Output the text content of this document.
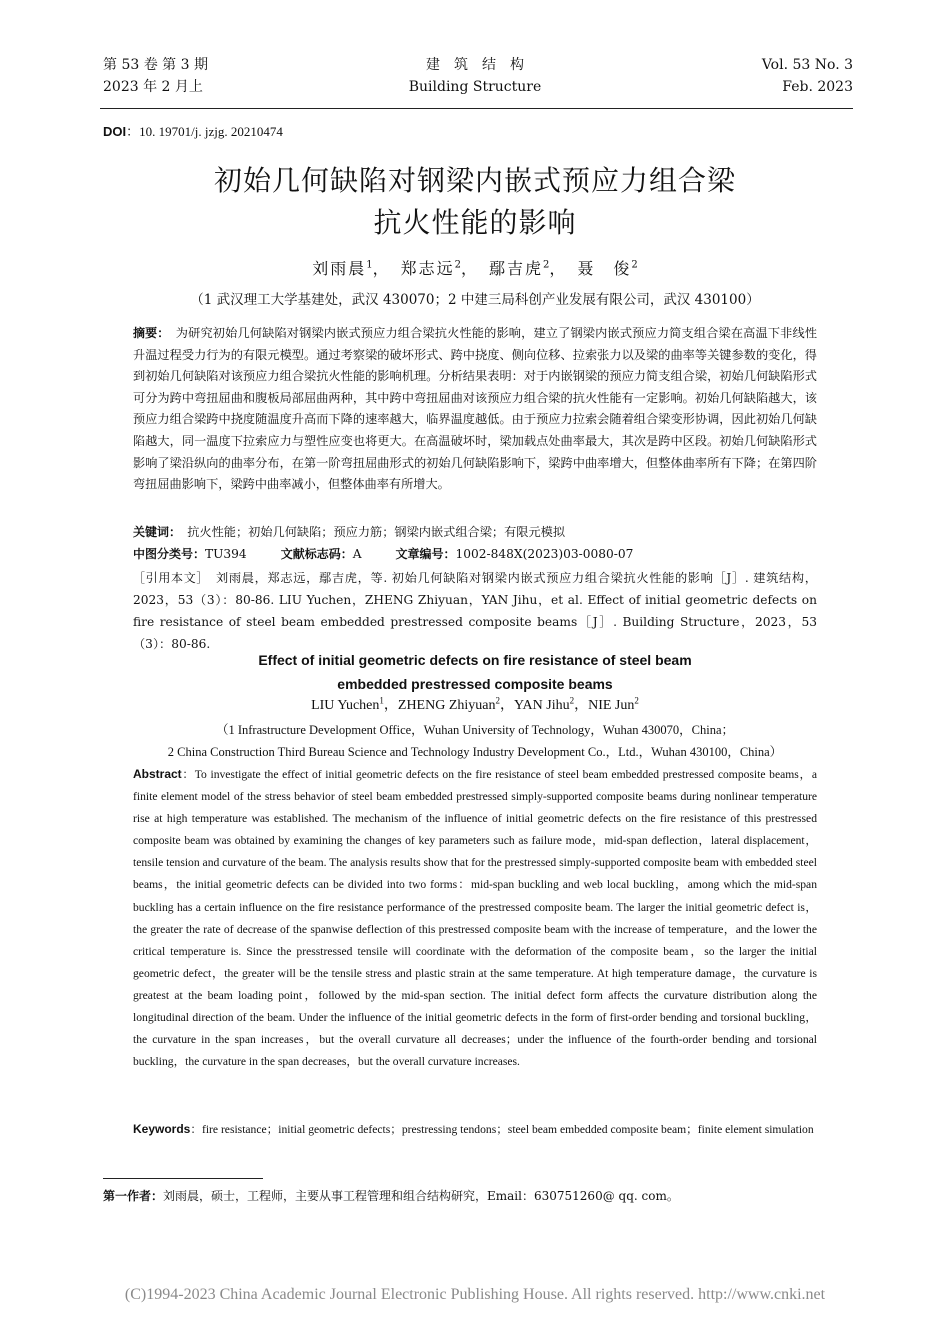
第 53 卷 第 3 期
2023 年 2 月上
建　筑　结　构
Building Structure
Vol. 53 No. 3
Feb. 2023
DOI：10. 19701/j. jzjg. 20210474
初始几何缺陷对钢梁内嵌式预应力组合梁
抗火性能的影响
刘雨晨$^1$，　郑志远$^2$，　鄢吉虎$^2$，　聂　俊$^2$
（1 武汉理工大学基建处，武汉 430070；2 中建三局科创产业发展有限公司，武汉 430100）
摘要：　 为研究初始几何缺陷对钢梁内嵌式预应力组合梁抗火性能的影响，建立了钢梁内嵌式预应力简支组合梁在高温下非线性升温过程受力行为的有限元模型。通过考察梁的破坏形式、跨中挠度、侧向位移、拉索张力以及梁的曲率等关键参数的变化，得到初始几何缺陷对该预应力组合梁抗火性能的影响机理。分析结果表明：对于内嵌钢梁的预应力简支组合梁，初始几何缺陷形式可分为跨中弯扭屈曲和腹板局部屈曲两种，其中跨中弯扭屈曲对该预应力组合梁的抗火性能有一定影响。初始几何缺陷越大，该预应力组合梁跨中挠度随温度升高而下降的速率越大，临界温度越低。由于预应力拉索会随着组合梁变形协调，因此初始几何缺陷越大，同一温度下拉索应力与塑性应变也将更大。在高温破坏时，梁加载点处曲率最大，其次是跨中区段。初始几何缺陷形式影响了梁沿纵向的曲率分布，在第一阶弯扭屈曲形式的初始几何缺陷影响下，梁跨中曲率增大，但整体曲率所有下降；在第四阶弯扭屈曲影响下，梁跨中曲率减小，但整体曲率有所增大。
关键词：　 抗火性能；初始几何缺陷；预应力筋；钢梁内嵌式组合梁；有限元模拟
中图分类号：TU394	文献标志码：A	文章编号：1002-848X(2023)03-0080-07
［引用本文］　 刘雨晨，郑志远，鄢吉虎，等. 初始几何缺陷对钢梁内嵌式预应力组合梁抗火性能的影响［J］. 建筑结构，2023，53（3）：80-86. LIU Yuchen，ZHENG Zhiyuan，YAN Jihu，et al. Effect of initial geometric defects on fire resistance of steel beam embedded prestressed composite beams［J］. Building Structure，2023，53（3）：80-86.
Effect of initial geometric defects on fire resistance of steel beam
embedded prestressed composite beams
LIU Yuchen$^1$，ZHENG Zhiyuan$^2$，YAN Jihu$^2$，NIE Jun$^2$
（1 Infrastructure Development Office，Wuhan University of Technology，Wuhan 430070，China；
2 China Construction Third Bureau Science and Technology Industry Development Co.，Ltd.，Wuhan 430100，China）
Abstract：To investigate the effect of initial geometric defects on the fire resistance of steel beam embedded prestressed composite beams，a finite element model of the stress behavior of steel beam embedded prestressed simply-supported composite beams during nonlinear temperature rise at high temperature was established. The mechanism of the influence of initial geometric defects on the fire resistance of this prestressed composite beam was obtained by examining the changes of key parameters such as failure mode，mid-span deflection，lateral displacement，tensile tension and curvature of the beam. The analysis results show that for the prestressed simply-supported composite beam with embedded steel beams，the initial geometric defects can be divided into two forms：mid-span buckling and web local buckling，among which the mid-span buckling has a certain influence on the fire resistance performance of the prestressed composite beam. The larger the initial geometric defect is，the greater the rate of decrease of the spanwise deflection of this prestressed composite beam with the increase of temperature，and the lower the critical temperature is. Since the presstressed tensile will coordinate with the deformation of the composite beam，so the larger the initial geometric defect，the greater will be the tensile stress and plastic strain at the same temperature. At high temperature damage，the curvature is greatest at the beam loading point，followed by the mid-span section. The initial defect form affects the curvature distribution along the longitudinal direction of the beam. Under the influence of the initial geometric defects in the form of first-order bending and torsional buckling，the curvature in the span increases，but the overall curvature all decreases；under the influence of the fourth-order bending and torsional buckling，the curvature in the span decreases，but the overall curvature increases.
Keywords：fire resistance；initial geometric defects；prestressing tendons；steel beam embedded composite beam；finite element simulation
第一作者：刘雨晨，硕士，工程师，主要从事工程管理和组合结构研究，Email：630751260@ qq. com。
(C)1994-2023 China Academic Journal Electronic Publishing House. All rights reserved. http://www.cnki.net
